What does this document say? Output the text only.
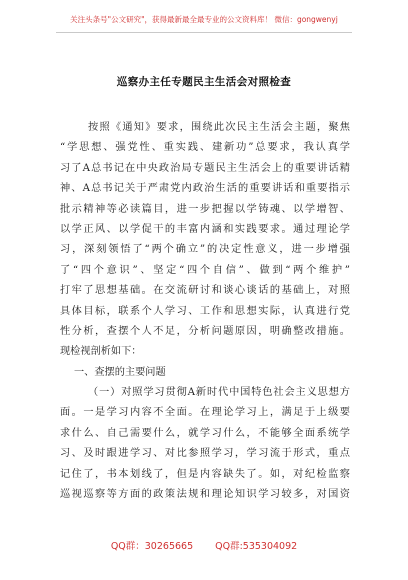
关注头条号"公文研究"，获得最新最全最专业的公文资料库！ 微信：gongwenyj
巡察办主任专题民主生活会对照检查
按照《通知》要求，围绕此次民主生活会主题，聚焦
“学思想、强党性、重实践、建新功”总要求，我认真学
习了A总书记在中央政治局专题民主生活会上的重要讲话精
神、A总书记关于严肃党内政治生活的重要讲话和重要指示
批示精神等必读篇目，进一步把握以学铸魂、以学增智、
以学正风、以学促干的丰富内涵和实践要求。通过理论学
习，深刻领悟了“两个确立”的决定性意义，进一步增强
了“四个意识”、坚定“四个自信”、做到“两个维护”
打牢了思想基础。在交流研讨和谈心谈话的基础上，对照
具体目标，联系个人学习、工作和思想实际，认真进行党
性分析，查摆个人不足，分析问题原因，明确整改措施。
现检视剖析如下：
一、查摆的主要问题
（一）对照学习贯彻A新时代中国特色社会主义思想方
面。一是学习内容不全面。在理论学习上，满足于上级要
求什么、自己需要什么，就学习什么，不能够全面系统学
习、及时跟进学习、对比参照学习，学习流于形式，重点
记住了，书本划线了，但是内容缺失了。如，对纪检监察
巡视巡察等方面的政策法规和理论知识学习较多，对国资
QQ群：30265665 QQ群:535304092
